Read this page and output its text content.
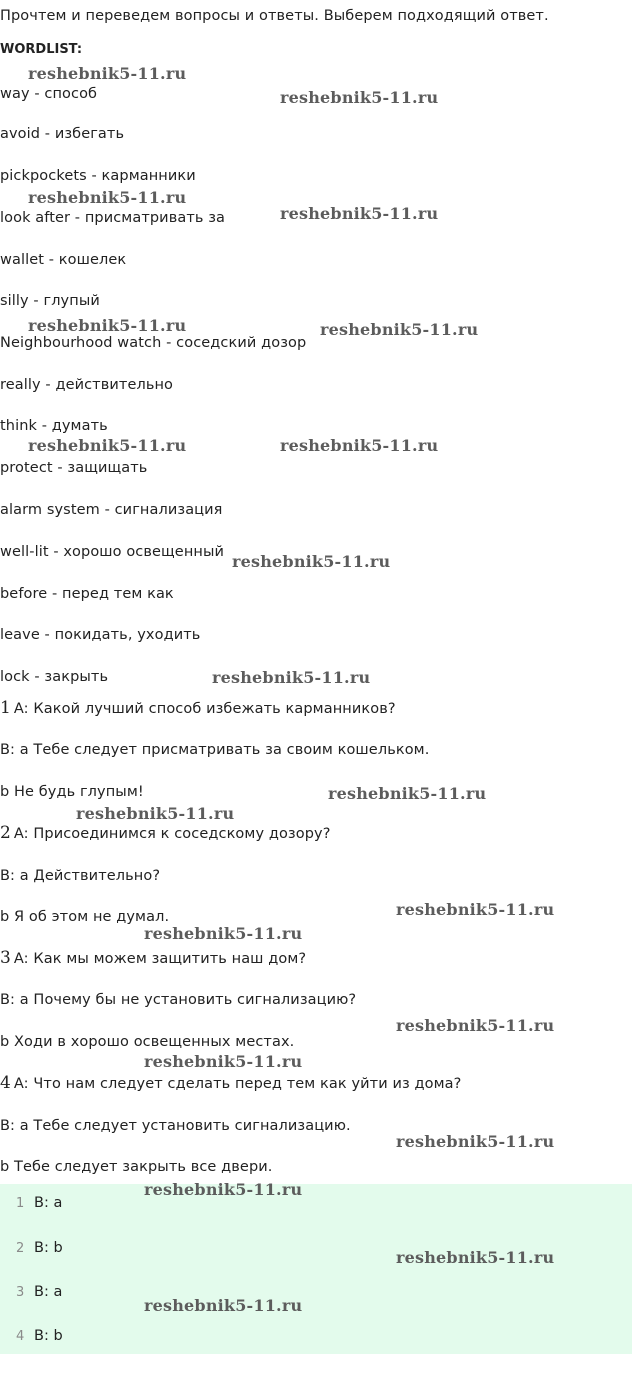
Прочтем и переведем вопросы и ответы. Выберем подходящий ответ.
WORDLIST:
way - способ
avoid - избегать
pickpockets - карманники
look after - присматривать за
wallet - кошелек
silly - глупый
Neighbourhood watch - соседский дозор
really - действительно
think - думать
protect - защищать
alarm system - сигнализация
well-lit - хорошо освещенный
before - перед тем как
leave - покидать, уходить
lock - закрыть
1 A: Какой лучший способ избежать карманников?
B: a Тебе следует присматривать за своим кошельком.
b Не будь глупым!
2 A: Присоединимся к соседскому дозору?
B: a Действительно?
b Я об этом не думал.
3 A: Как мы можем защитить наш дом?
B: a Почему бы не установить сигнализацию?
b Ходи в хорошо освещенных местах.
4 A: Что нам следует сделать перед тем как уйти из дома?
B: a Тебе следует установить сигнализацию.
b Тебе следует закрыть все двери.
1 B: a
2 B: b
3 B: a
4 B: b
reshebnik5-11.ru
reshebnik5-11.ru
reshebnik5-11.ru
reshebnik5-11.ru
reshebnik5-11.ru	reshebnik5-11.ru
reshebnik5-11.ru	reshebnik5-11.ru
reshebnik5-11.ru
reshebnik5-11.ru
reshebnik5-11.ru
reshebnik5-11.ru
reshebnik5-11.ru
reshebnik5-11.ru
reshebnik5-11.ru
reshebnik5-11.ru
reshebnik5-11.ru
reshebnik5-11.ru
reshebnik5-11.ru
reshebnik5-11.ru
